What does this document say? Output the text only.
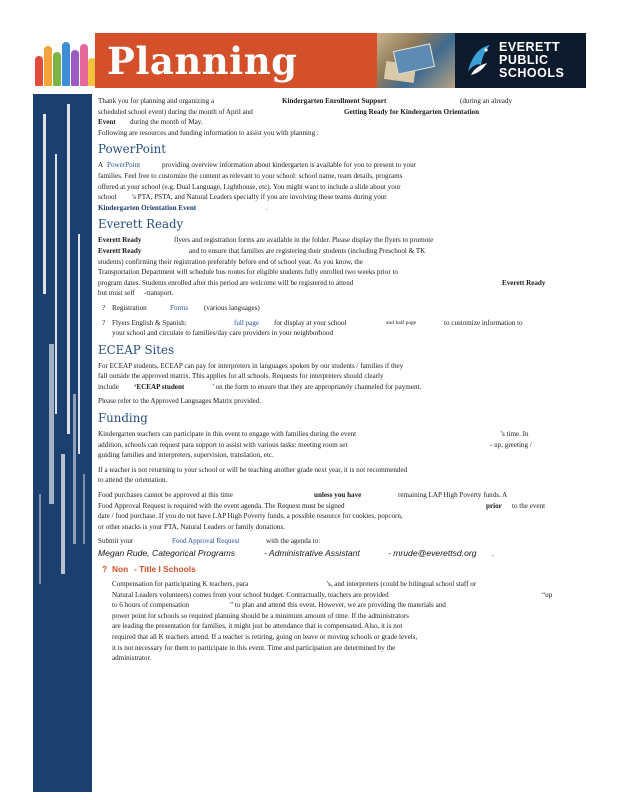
Planning	EVERETT
PUBLIC
SCHOOLS
Thank you for planning and organizing a	Kindergarten Enrollment Support	(during an already
scheduled school event) during the month of April and	Getting Ready for Kindergarten Orientation
Event during the month of May.

Following are resources and funding information to assist you with planning :

PowerPoint
A PowerPoint	providing overview information about kindergarten is available for you to present to your

families. Feel free to customize the content as relevant to your school: school name, team details, programs

offered at your school (e.g. Dual Language, Lighthouse, etc). You might want to include a slide about your

school 's PTA, PSTA, and Natural Leaders specially if you are involving these teams during your
Kindergarten Orientation Event	.
Everett Ready
Everett Ready	flyers and registration forms are available in the folder. Please display the flyers to promote
Everett Ready	and to ensure that families are registering their students (including Preschool & TK

students) confirming their registration preferably before end of school year. As you know, the

Transportation Department will schedule bus routes for eligible students fully enrolled two weeks prior to

program dates. Students enrolled after this period are welcome will be registered to attend	Everett Ready
but must self -transport.
? Registration	Forms (various languages)
? Flyers English & Spanish:	full page for display at your school	and half page	to customize information to
your school and circulate to families/day care providers in your neighborhood
ECEAP Sites

For ECEAP students, ECEAP can pay for interpreters in languages spoken by our students / families if they

fall outside the approved matrix. This applies for all schools. Requests for interpreters should clearly

include ‘ECEAP student	’ on the form to ensure that they are appropriately channeled for payment.

Please refer to the Approved Languages Matrix provided.

Funding
Kindergarten teachers can participate in this event to engage with families during the event	’s time. In
addition, schools can request para support to assist with various tasks: meeting room set	- up, greeting /

guiding families and interpreters, supervision, translation, etc.

If a teacher is not returning to your school or will be teaching another grade next year, it is not recommended

to attend the orientation.

Food purchases cannot be approved at this time	unless you have	remaining LAP High Poverty funds. A
Food Approval Request is required with the event agenda. The Request must be signed	prior to the event

date / food purchase. If you do not have LAP High Poverty funds, a possible resource for cookies, popcorn,

or other snacks is your PTA, Natural Leaders or family donations.

Submit your	Food Approval Request	with the agenda to:
Megan Rude, Categorical Programs	- Administrative Assistant	- mrude@everettsd.org .
? Non - Title I Schools
Compensation for participating K teachers, para	’s, and interpreters (could be bilingual school staff or
Natural Leaders volunteers) comes from your school budget. Contractually, teachers are provided	“up
to 6 hours of compensation	” to plan and attend this event. However, we are providing the materials and
power point for schools so required planning should be a minimum amount of time. If the administrators
are leading the presentation for families, it might just be attendance that is compensated. Also, it is not
required that all K teachers attend. If a teacher is retiring, going on leave or moving schools or grade levels,
it is not necessary for them to participate in this event. Time and participation are determined by the
administrator.
